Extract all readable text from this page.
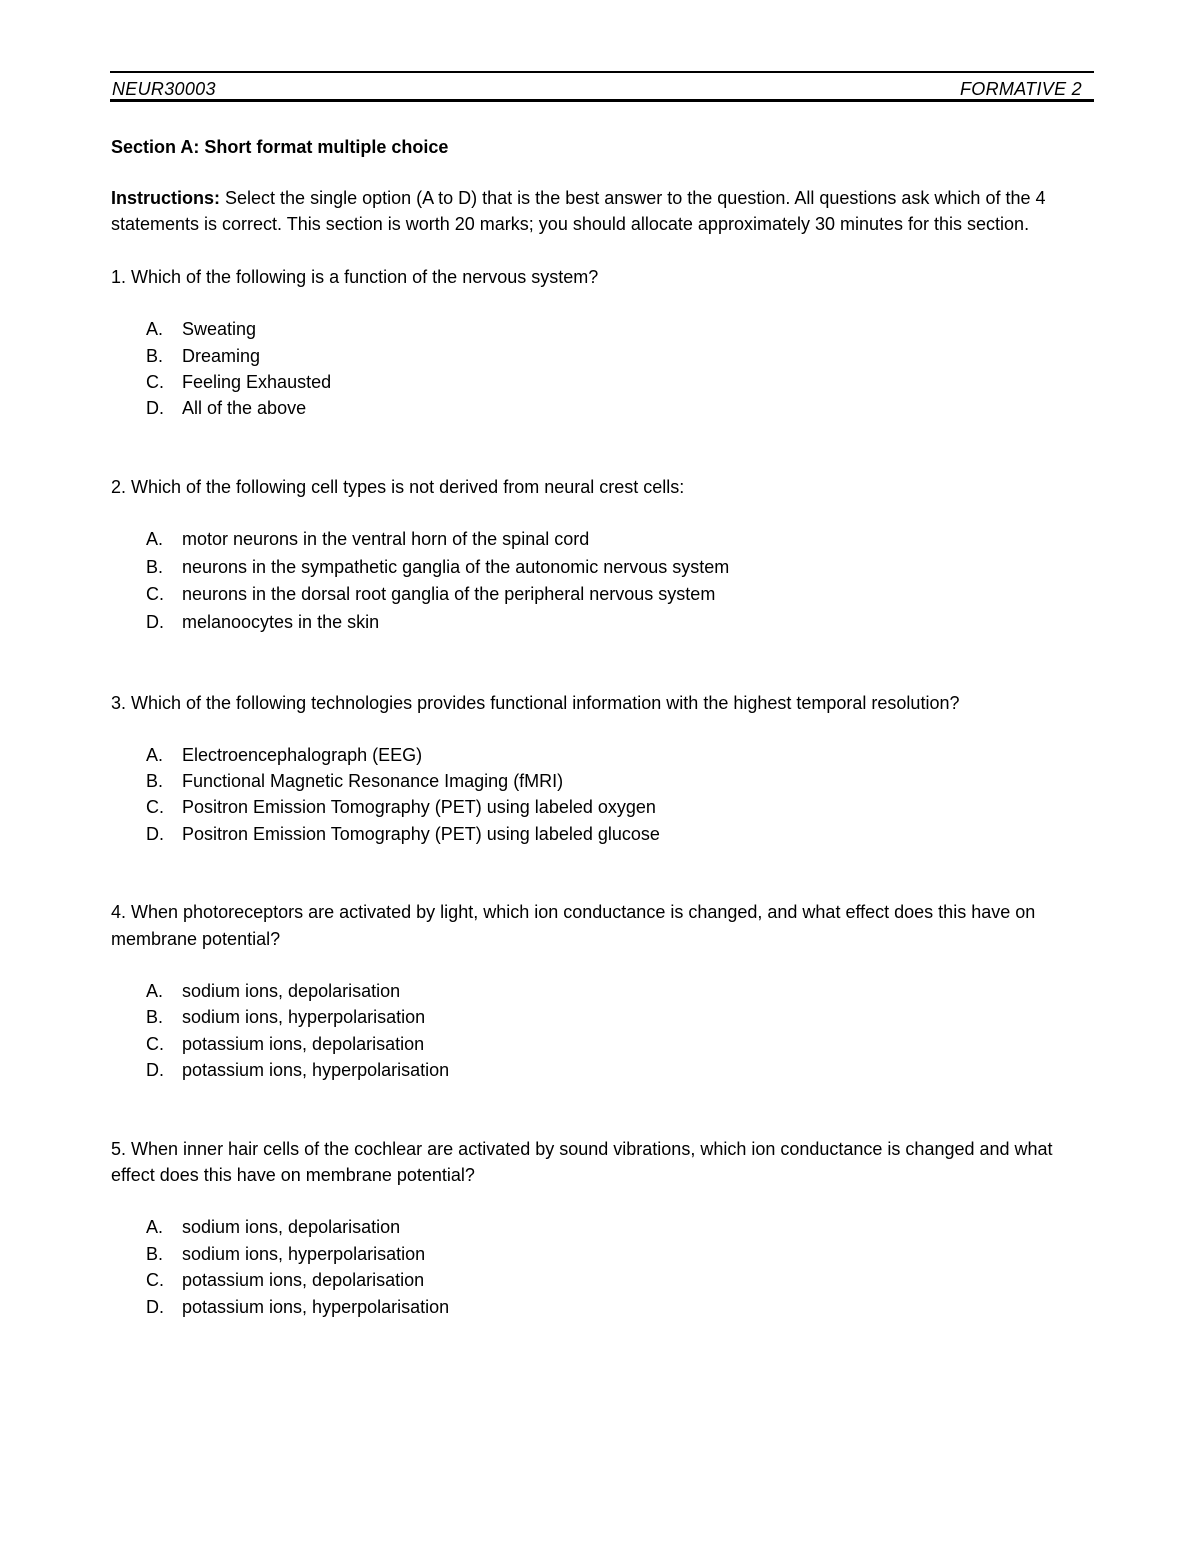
NEUR30003	FORMATIVE 2

Section A: Short format multiple choice

Instructions: Select the single option (A to D) that is the best answer to the question. All questions ask which of the 4 statements is correct. This section is worth 20 marks; you should allocate approximately 30 minutes for this section.

1. Which of the following is a function of the nervous system?

A. Sweating
B. Dreaming
C. Feeling Exhausted
D. All of the above

2. Which of the following cell types is not derived from neural crest cells:

A. motor neurons in the ventral horn of the spinal cord
B. neurons in the sympathetic ganglia of the autonomic nervous system
C. neurons in the dorsal root ganglia of the peripheral nervous system
D. melanoocytes in the skin

3. Which of the following technologies provides functional information with the highest temporal resolution?

A. Electroencephalograph (EEG)
B. Functional Magnetic Resonance Imaging (fMRI)
C. Positron Emission Tomography (PET) using labeled oxygen
D. Positron Emission Tomography (PET) using labeled glucose

4. When photoreceptors are activated by light, which ion conductance is changed, and what effect does this have on membrane potential?

A. sodium ions, depolarisation
B. sodium ions, hyperpolarisation
C. potassium ions, depolarisation
D. potassium ions, hyperpolarisation

5. When inner hair cells of the cochlear are activated by sound vibrations, which ion conductance is changed and what effect does this have on membrane potential?

A. sodium ions, depolarisation
B. sodium ions, hyperpolarisation
C. potassium ions, depolarisation
D. potassium ions, hyperpolarisation
